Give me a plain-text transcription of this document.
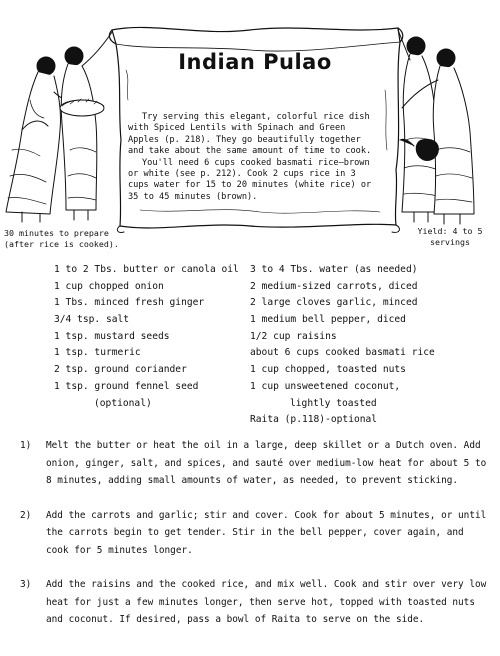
Indian Pulao

Try serving this elegant, colorful rice dish with Spiced Lentils with Spinach and Green Apples (p. 218). They go beautifully together and take about the same amount of time to cook.

You'll need 6 cups cooked basmati rice—brown or white (see p. 212). Cook 2 cups rice in 3 cups water for 15 to 20 minutes (white rice) or 35 to 45 minutes (brown).

30 minutes to prepare (after rice is cooked).
Yield: 4 to 5 servings
1 to 2 Tbs. butter or canola oil
1 cup chopped onion
1 Tbs. minced fresh ginger
3/4 tsp. salt
1 tsp. mustard seeds
1 tsp. turmeric
2 tsp. ground coriander
1 tsp. ground fennel seed
(optional)
3 to 4 Tbs. water (as needed)
2 medium-sized carrots, diced
2 large cloves garlic, minced
1 medium bell pepper, diced
1/2 cup raisins
about 6 cups cooked basmati rice
1 cup chopped, toasted nuts
1 cup unsweetened coconut,
lightly toasted
Raita (p.118)-optional
1)	Melt the butter or heat the oil in a large, deep skillet or a Dutch oven. Add onion, ginger, salt, and spices, and sauté over medium-low heat for about 5 to 8 minutes, adding small amounts of water, as needed, to prevent sticking.
2)	Add the carrots and garlic; stir and cover. Cook for about 5 minutes, or until the carrots begin to get tender. Stir in the bell pepper, cover again, and cook for 5 minutes longer.
3)	Add the raisins and the cooked rice, and mix well. Cook and stir over very low heat for just a few minutes longer, then serve hot, topped with toasted nuts and coconut. If desired, pass a bowl of Raita to serve on the side.
